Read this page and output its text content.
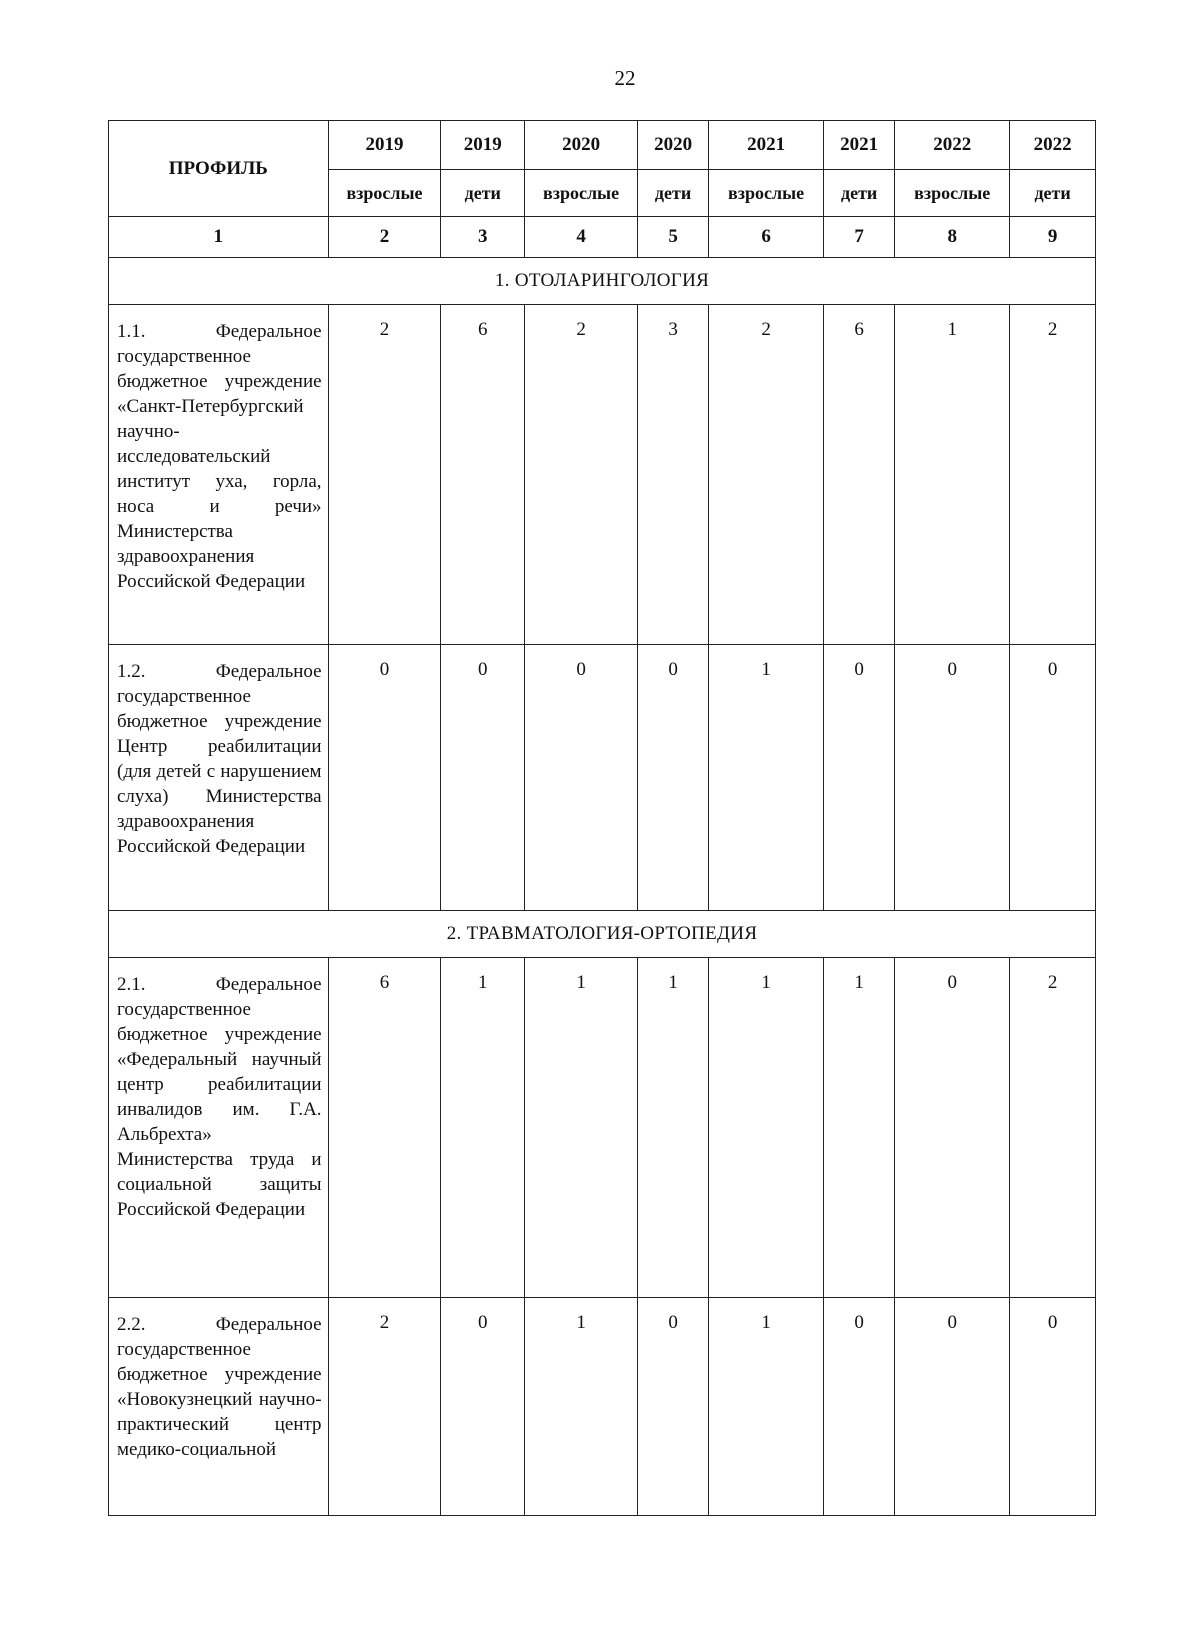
22
ПРОФИЛЬ	2019	2019	2020	2020	2021	2021	2022	2022
	взрослые	дети	взрослые	дети	взрослые	дети	взрослые	дети
1	2	3	4	5	6	7	8	9
1. ОТОЛАРИНГОЛОГИЯ								
1.1. Федеральное государственное бюджетное учреждение «Санкт-Петербургский научно-исследовательский институт уха, горла, носа и речи» Министерства здравоохранения Российской Федерации	2	6	2	3	2	6	1	2
1.2. Федеральное государственное бюджетное учреждение Центр реабилитации (для детей с нарушением слуха) Министерства здравоохранения Российской Федерации	0	0	0	0	1	0	0	0
2. ТРАВМАТОЛОГИЯ-ОРТОПЕДИЯ								
2.1. Федеральное государственное бюджетное учреждение «Федеральный научный центр реабилитации инвалидов им. Г.А. Альбрехта» Министерства труда и социальной защиты Российской Федерации	6	1	1	1	1	1	0	2
2.2. Федеральное государственное бюджетное учреждение «Новокузнецкий научно-практический центр медико-социальной	2	0	1	0	1	0	0	0
